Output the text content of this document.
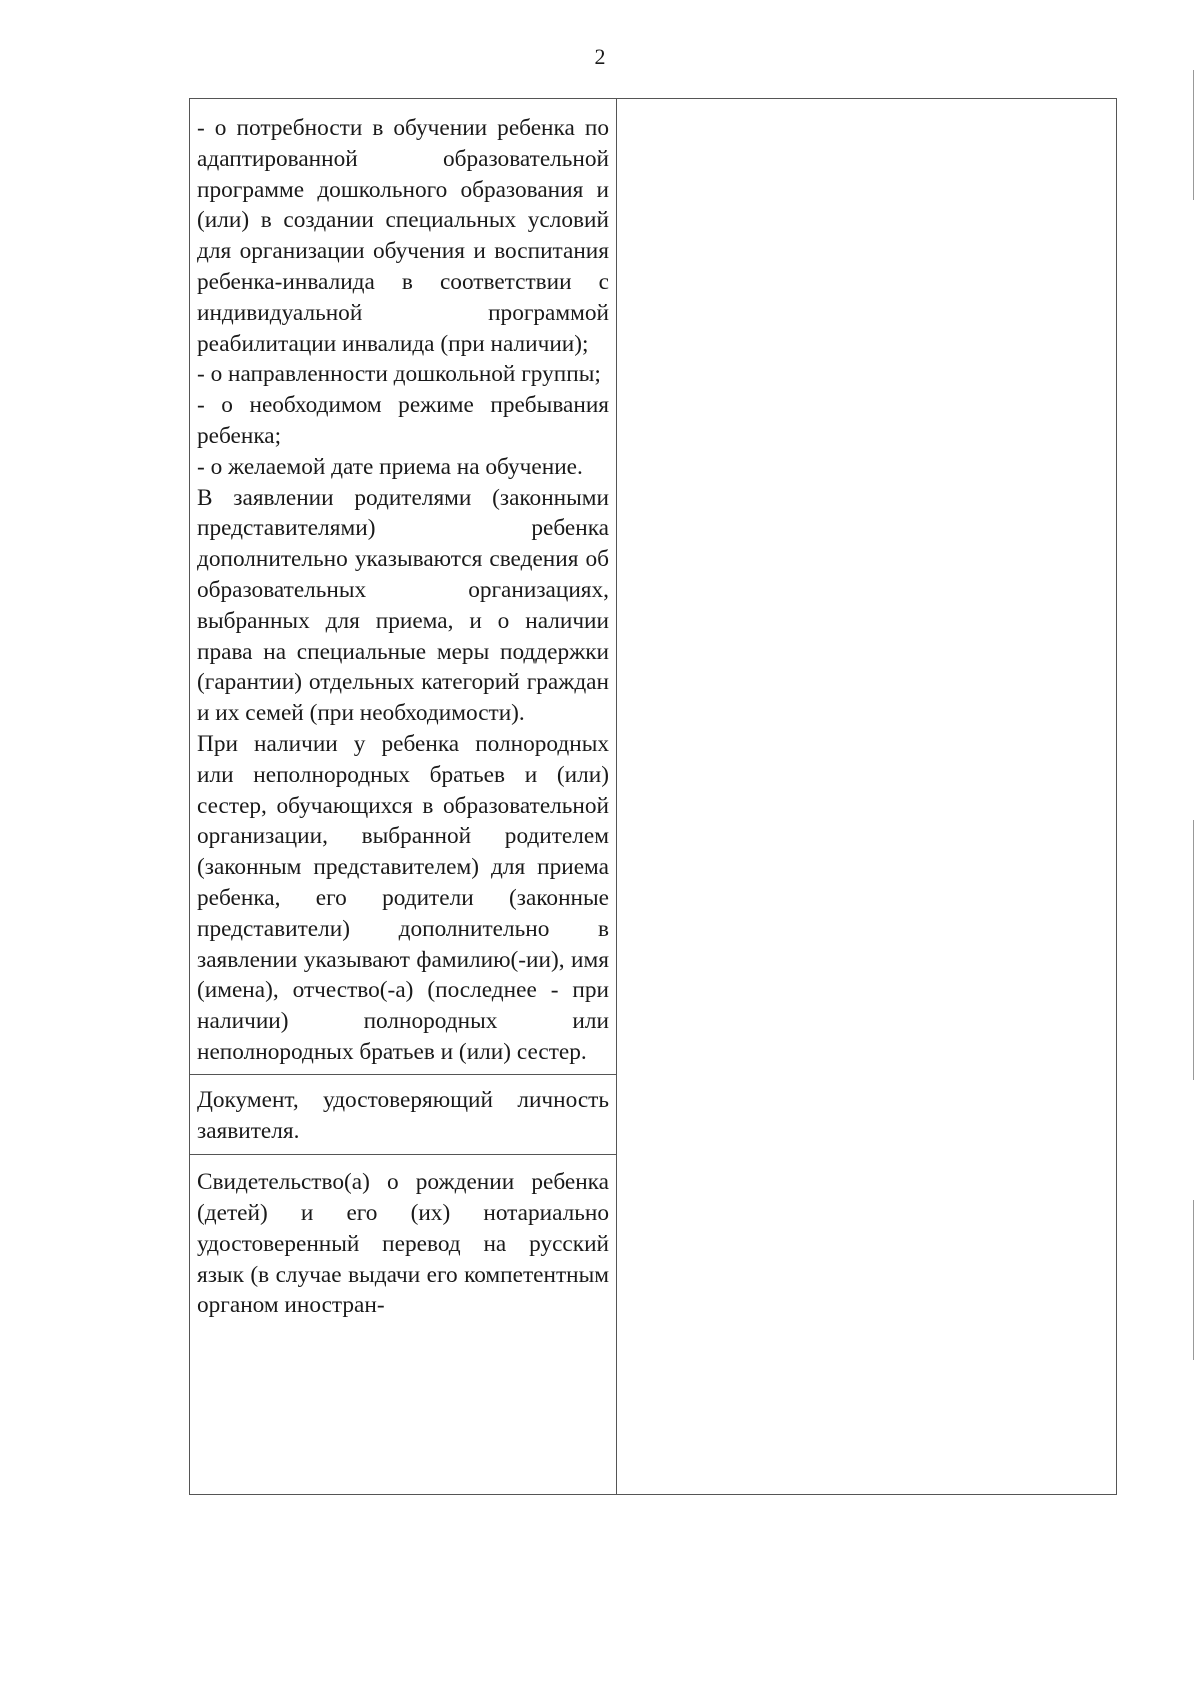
2

- о потребности в обучении ребенка по адаптированной образовательной программе дошкольного образования и (или) в создании специальных условий для организации обучения и воспитания ребенка-инвалида в соответствии с индивидуальной программой реабилитации инвалида (при наличии);

- о направленности дошкольной группы;

- о необходимом режиме пребывания ребенка;

- о желаемой дате приема на обучение.

В заявлении родителями (законными представителями) ребенка дополнительно указываются сведения об образовательных организациях, выбранных для приема, и о наличии права на специальные меры поддержки (гарантии) отдельных категорий граждан и их семей (при необходимости).

При наличии у ребенка полнородных или неполнородных братьев и (или) сестер, обучающихся в образовательной организации, выбранной родителем (законным представителем) для приема ребенка, его родители (законные представители) дополнительно в заявлении указывают фамилию(-ии), имя (имена), отчество(-а) (последнее - при наличии) полнородных или неполнородных братьев и (или) сестер.

Документ, удостоверяющий личность заявителя.

Свидетельство(а) о рождении ребенка (детей) и его (их) нотариально удостоверенный перевод на русский язык (в случае выдачи его компетентным органом иностран-
